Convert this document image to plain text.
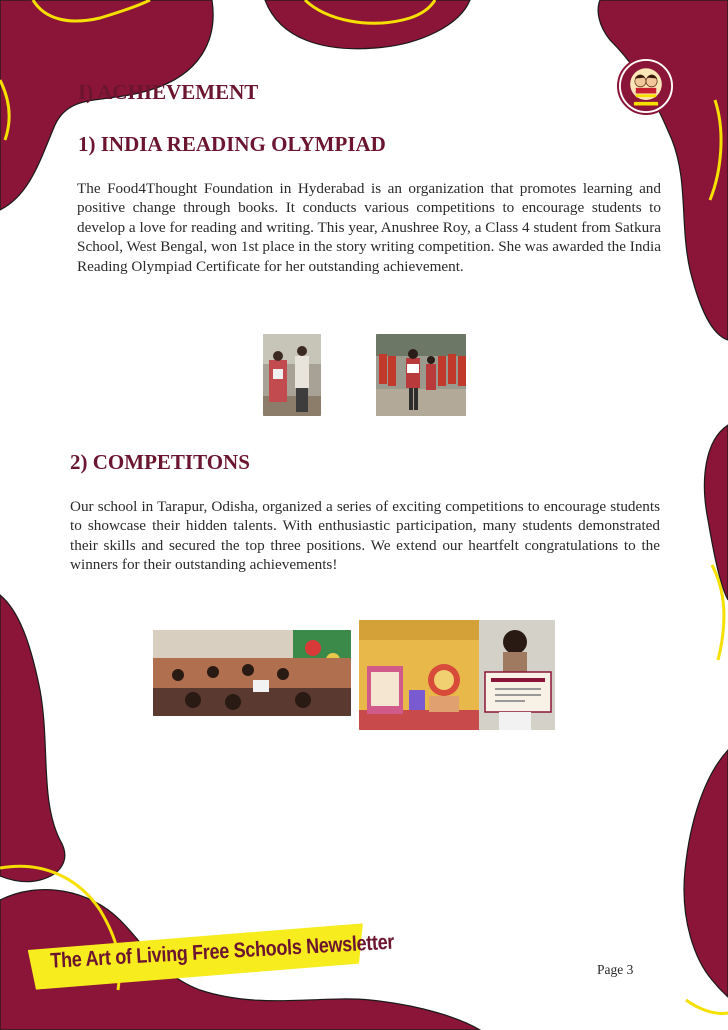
I) ACHIEVEMENT
1) INDIA READING OLYMPIAD

The Food4Thought Foundation in Hyderabad is an organization that promotes learning and positive change through books. It conducts various competitions to encourage students to develop a love for reading and writing. This year, Anushree Roy, a Class 4 student from Satkura School, West Bengal, won 1st place in the story writing competition. She was awarded the India Reading Olympiad Certificate for her outstanding achievement.

2) COMPETITONS

Our school in Tarapur, Odisha, organized a series of exciting competitions to encourage students to showcase their hidden talents. With enthusiastic participation, many students demonstrated their skills and secured the top three positions. We extend our heartfelt congratulations to the winners for their outstanding achievements!

The Art of Living Free Schools Newsletter	Page 3
